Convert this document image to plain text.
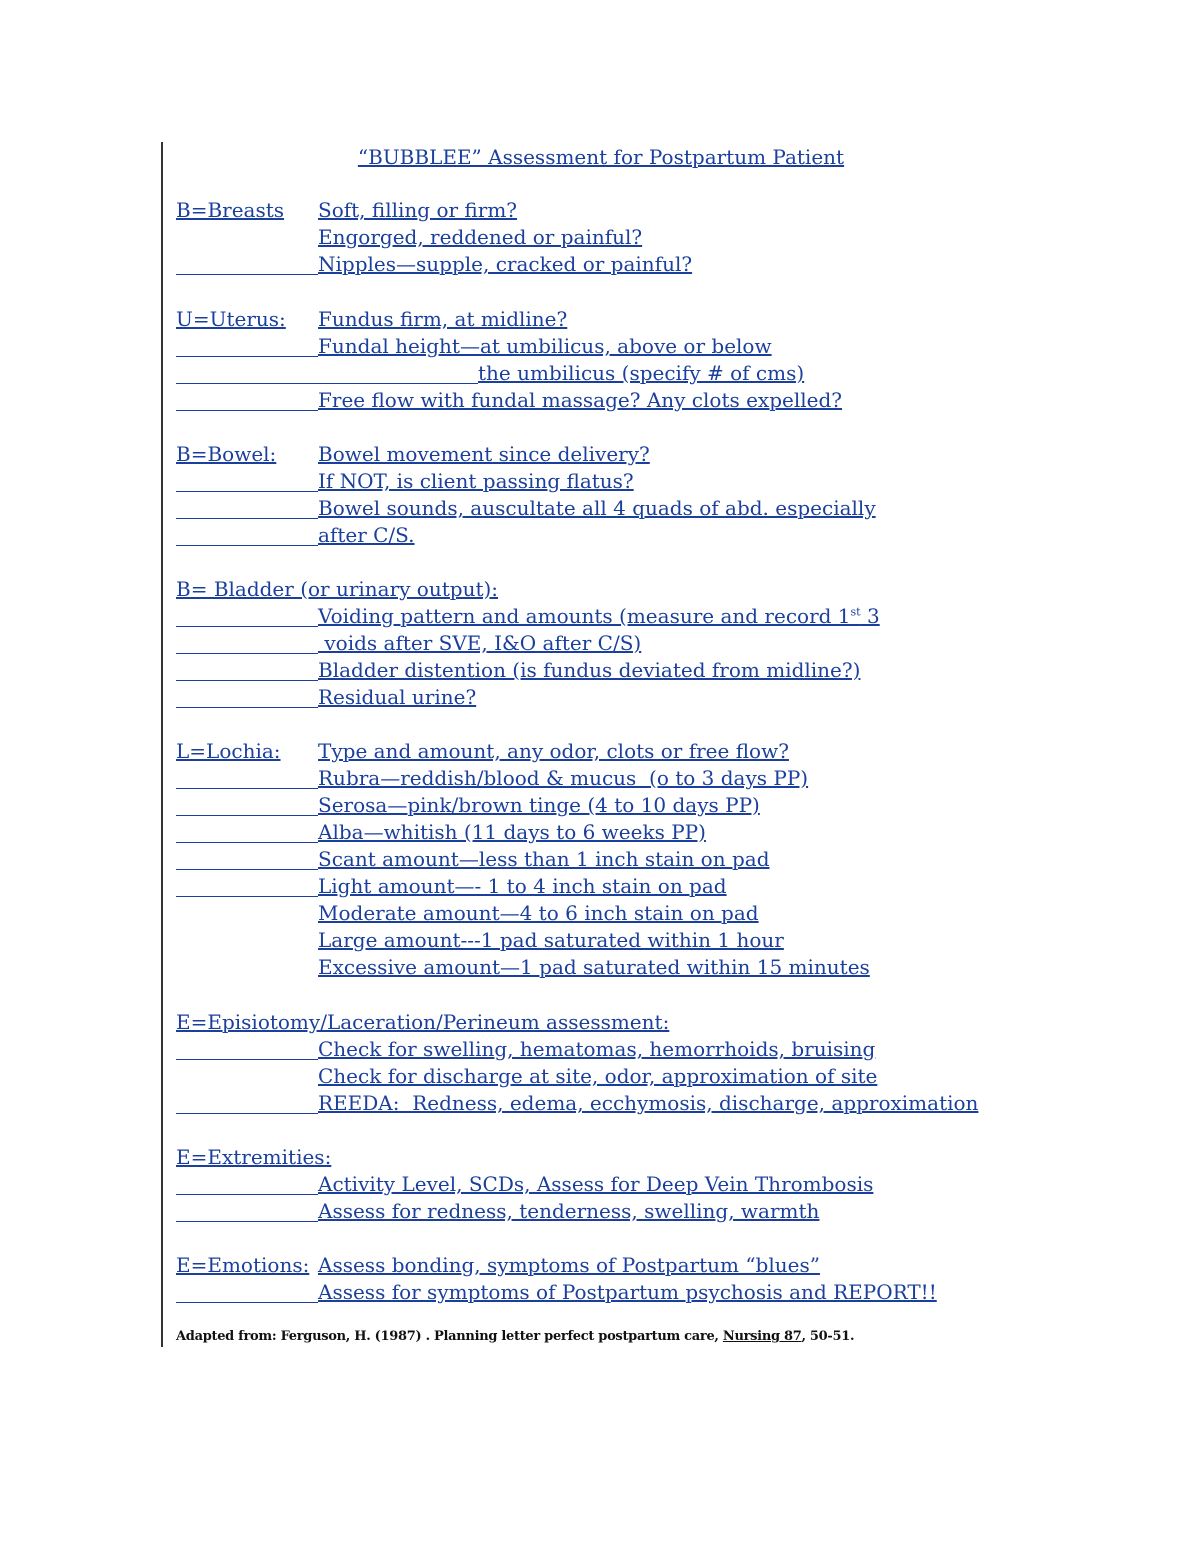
“BUBBLEE” Assessment for Postpartum Patient
B=Breasts Soft, filling or firm?
Engorged, reddened or painful?
Nipples—supple, cracked or painful?
U=Uterus: Fundus firm, at midline?
Fundal height—at umbilicus, above or below
the umbilicus (specify # of cms)
Free flow with fundal massage? Any clots expelled?
B=Bowel: Bowel movement since delivery?
If NOT, is client passing flatus?
Bowel sounds, auscultate all 4 quads of abd. especially
after C/S.
B= Bladder (or urinary output):
Voiding pattern and amounts (measure and record 1st 3
voids after SVE, I&O after C/S)
Bladder distention (is fundus deviated from midline?)
Residual urine?
L=Lochia: Type and amount, any odor, clots or free flow?
Rubra—reddish/blood & mucus  (o to 3 days PP)
Serosa—pink/brown tinge (4 to 10 days PP)
Alba—whitish (11 days to 6 weeks PP)
Scant amount—less than 1 inch stain on pad
Light amount—- 1 to 4 inch stain on pad
Moderate amount—4 to 6 inch stain on pad
Large amount---1 pad saturated within 1 hour
Excessive amount—1 pad saturated within 15 minutes
E=Episiotomy/Laceration/Perineum assessment:
Check for swelling, hematomas, hemorrhoids, bruising
Check for discharge at site, odor, approximation of site
REEDA:  Redness, edema, ecchymosis, discharge, approximation
E=Extremities:
Activity Level, SCDs, Assess for Deep Vein Thrombosis
Assess for redness, tenderness, swelling, warmth
E=Emotions: Assess bonding, symptoms of Postpartum “blues”
Assess for symptoms of Postpartum psychosis and REPORT!!
Adapted from: Ferguson, H. (1987) . Planning letter perfect postpartum care, Nursing 87, 50-51.
